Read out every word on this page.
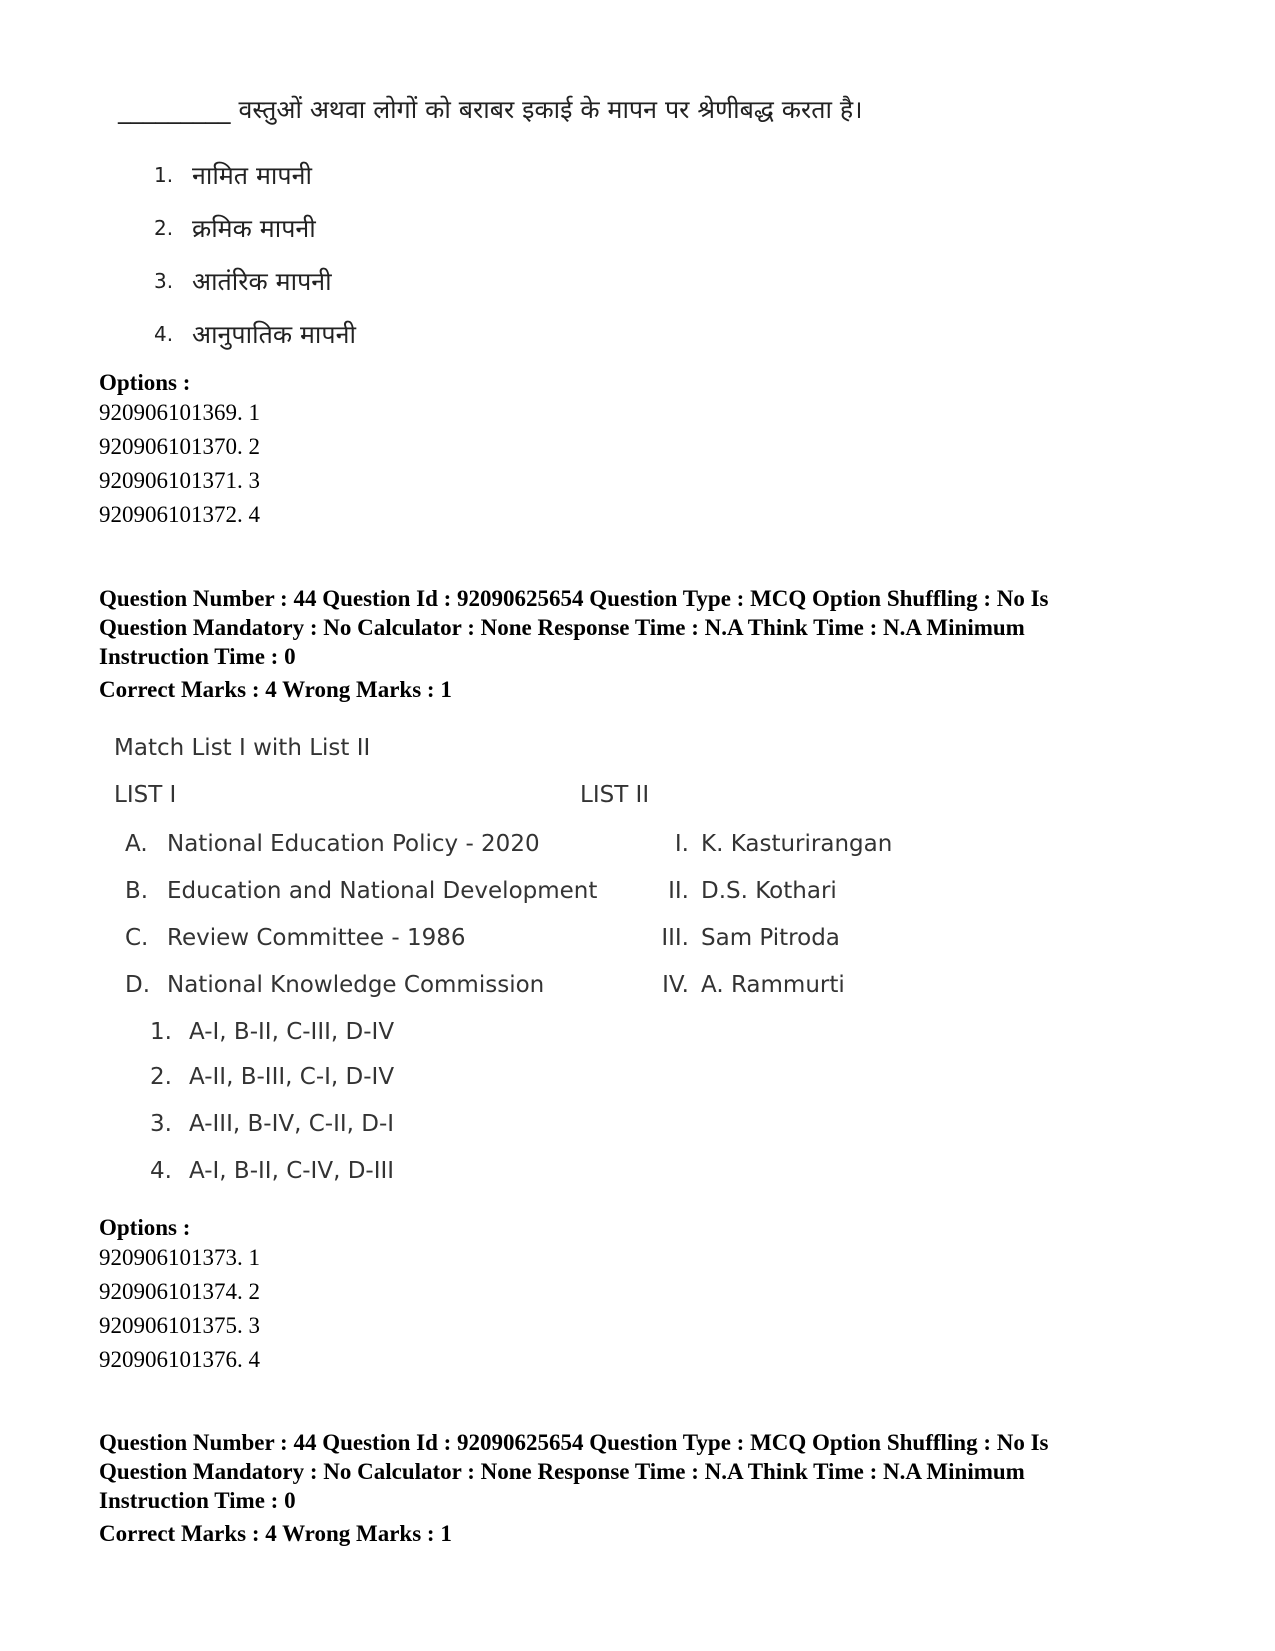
_________ वस्तुओं अथवा लोगों को बराबर इकाई के मापन पर श्रेणीबद्ध करता है।
1. नामित मापनी
2. क्रमिक मापनी
3. आतंरिक मापनी
4. आनुपातिक मापनी
Options :
920906101369. 1
920906101370. 2
920906101371. 3
920906101372. 4
Question Number : 44 Question Id : 92090625654 Question Type : MCQ Option Shuffling : No Is
Question Mandatory : No Calculator : None Response Time : N.A Think Time : N.A Minimum
Instruction Time : 0
Correct Marks : 4 Wrong Marks : 1
Match List I with List II
LIST I	LIST II
A. National Education Policy - 2020	I. K. Kasturirangan
B. Education and National Development	II. D.S. Kothari
C. Review Committee - 1986	III. Sam Pitroda
D. National Knowledge Commission	IV. A. Rammurti
1. A-I, B-II, C-III, D-IV
2. A-II, B-III, C-I, D-IV
3. A-III, B-IV, C-II, D-I
4. A-I, B-II, C-IV, D-III
Options :
920906101373. 1
920906101374. 2
920906101375. 3
920906101376. 4
Question Number : 44 Question Id : 92090625654 Question Type : MCQ Option Shuffling : No Is
Question Mandatory : No Calculator : None Response Time : N.A Think Time : N.A Minimum
Instruction Time : 0
Correct Marks : 4 Wrong Marks : 1
